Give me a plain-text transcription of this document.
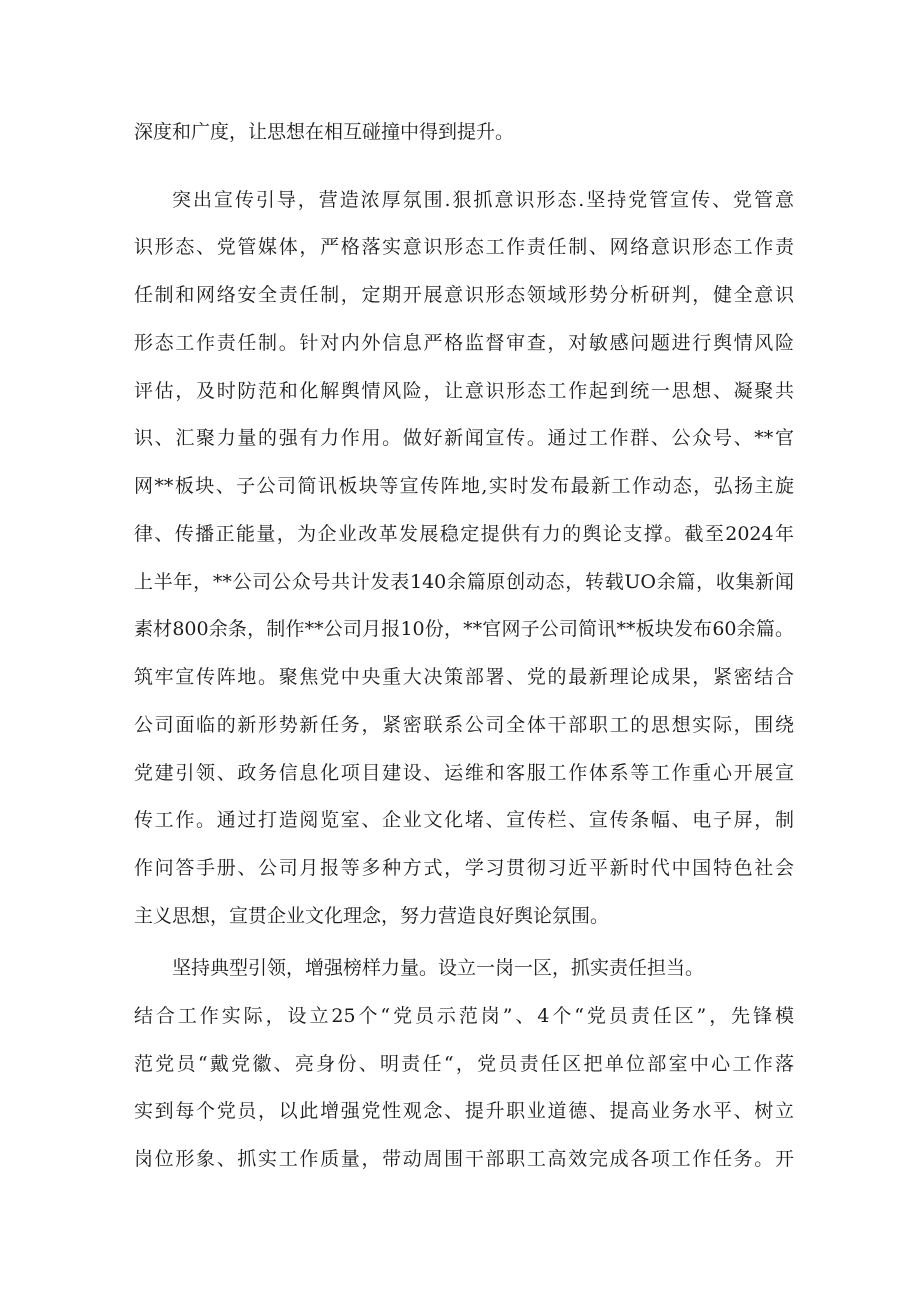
深度和广度，让思想在相互碰撞中得到提升。

突出宣传引导，营造浓厚氛围.狠抓意识形态.坚持党管宣传、党管意

识形态、党管媒体，严格落实意识形态工作责任制、网络意识形态工作责

任制和网络安全责任制，定期开展意识形态领域形势分析研判，健全意识

形态工作责任制。针对内外信息严格监督审查，对敏感问题进行舆情风险

评估，及时防范和化解舆情风险，让意识形态工作起到统一思想、凝聚共

识、汇聚力量的强有力作用。做好新闻宣传。通过工作群、公众号、**官

网**板块、子公司简讯板块等宣传阵地,实时发布最新工作动态，弘扬主旋

律、传播正能量，为企业改革发展稳定提供有力的舆论支撑。截至2024年

上半年，**公司公众号共计发表140余篇原创动态，转载UO余篇，收集新闻

素材800余条，制作**公司月报10份，**官网子公司简讯**板块发布60余篇。

筑牢宣传阵地。聚焦党中央重大决策部署、党的最新理论成果，紧密结合

公司面临的新形势新任务，紧密联系公司全体干部职工的思想实际，围绕

党建引领、政务信息化项目建设、运维和客服工作体系等工作重心开展宣

传工作。通过打造阅览室、企业文化堵、宣传栏、宣传条幅、电子屏，制

作问答手册、公司月报等多种方式，学习贯彻习近平新时代中国特色社会

主义思想，宣贯企业文化理念，努力营造良好舆论氛围。

坚持典型引领，增强榜样力量。设立一岗一区，抓实责任担当。

结合工作实际，设立25个“党员示范岗”、4个“党员责任区”，先锋模

范党员“戴党徽、亮身份、明责任“，党员责任区把单位部室中心工作落

实到每个党员，以此增强党性观念、提升职业道德、提高业务水平、树立

岗位形象、抓实工作质量，带动周围干部职工高效完成各项工作任务。开
